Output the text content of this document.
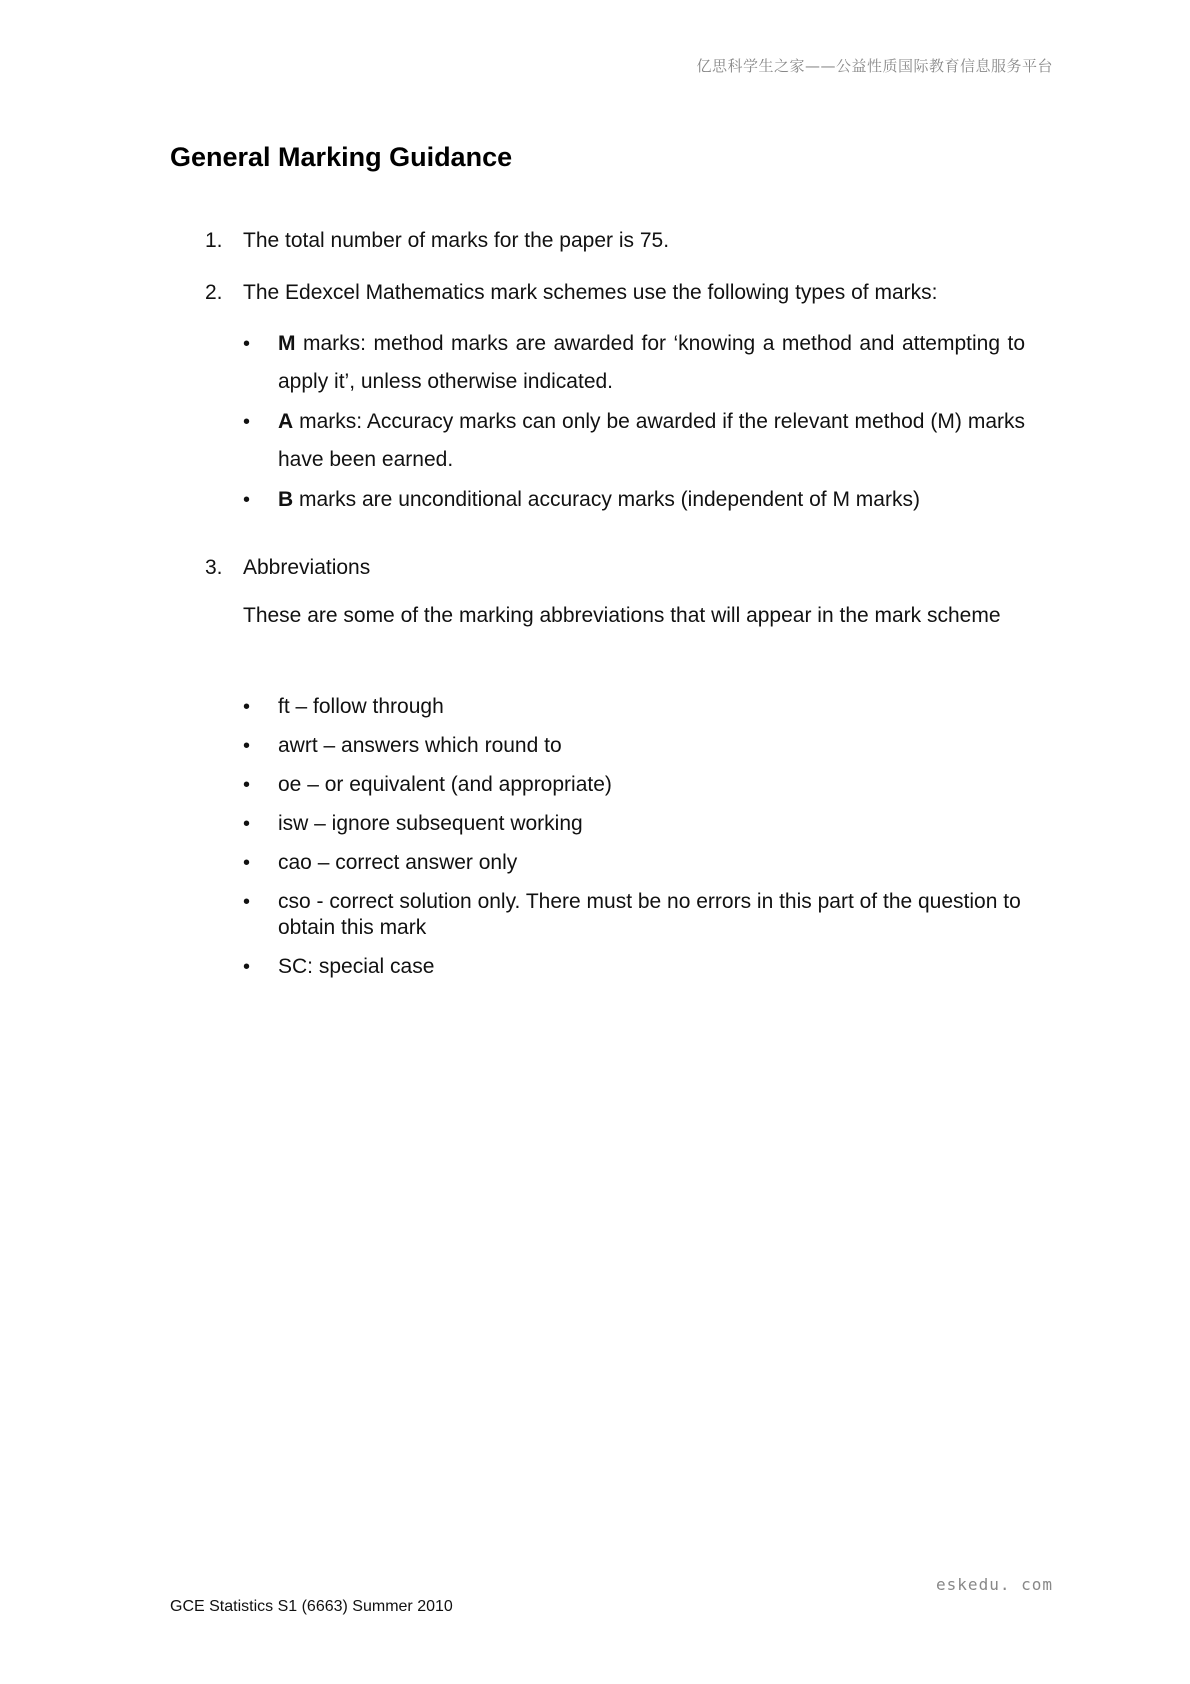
亿思科学生之家——公益性质国际教育信息服务平台
General Marking Guidance
1. The total number of marks for the paper is 75.
2. The Edexcel Mathematics mark schemes use the following types of marks:
• M marks: method marks are awarded for ‘knowing a method and attempting to apply it’, unless otherwise indicated.
• A marks: Accuracy marks can only be awarded if the relevant method (M) marks have been earned.
• B marks are unconditional accuracy marks (independent of M marks)
3. Abbreviations
These are some of the marking abbreviations that will appear in the mark scheme
• ft – follow through
• awrt – answers which round to
• oe – or equivalent (and appropriate)
• isw – ignore subsequent working
• cao – correct answer only
• cso - correct solution only. There must be no errors in this part of the question to obtain this mark
• SC: special case
eskedu. com
GCE Statistics S1 (6663) Summer 2010
